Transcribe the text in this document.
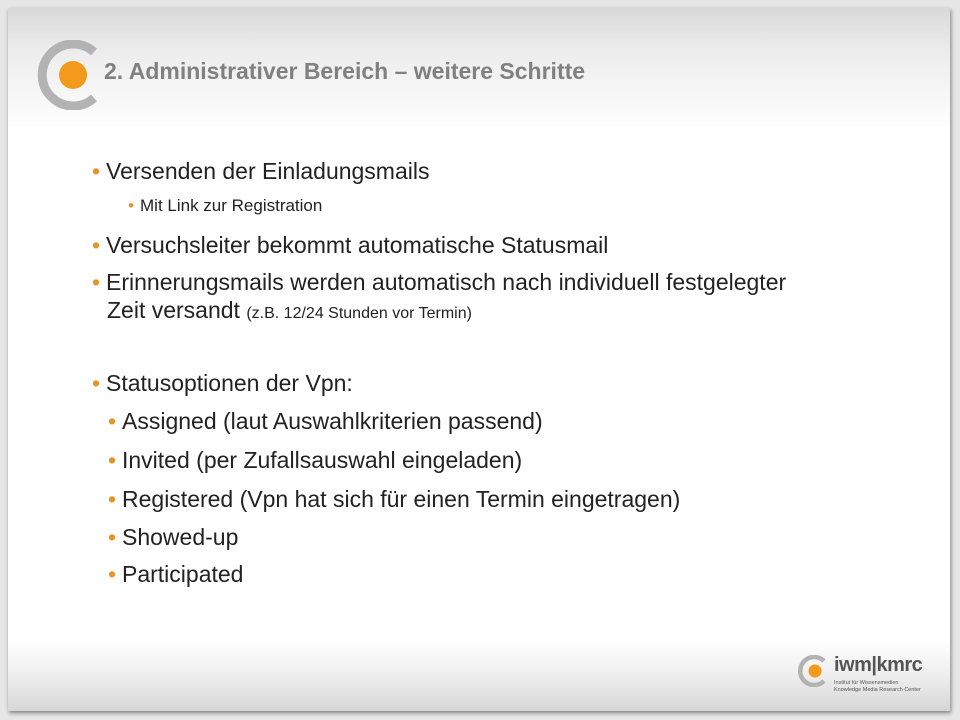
2. Administrativer Bereich – weitere Schritte
• Versenden der Einladungsmails
• Mit Link zur Registration
• Versuchsleiter bekommt automatische Statusmail
• Erinnerungsmails werden automatisch nach individuell festgelegter
Zeit versandt (z.B. 12/24 Stunden vor Termin)
• Statusoptionen der Vpn:
• Assigned (laut Auswahlkriterien passend)
• Invited (per Zufallsauswahl eingeladen)
• Registered (Vpn hat sich für einen Termin eingetragen)
• Showed-up
• Participated
iwm|kmrc
Institut für Wissensmedien
Knowledge Media Research Center
